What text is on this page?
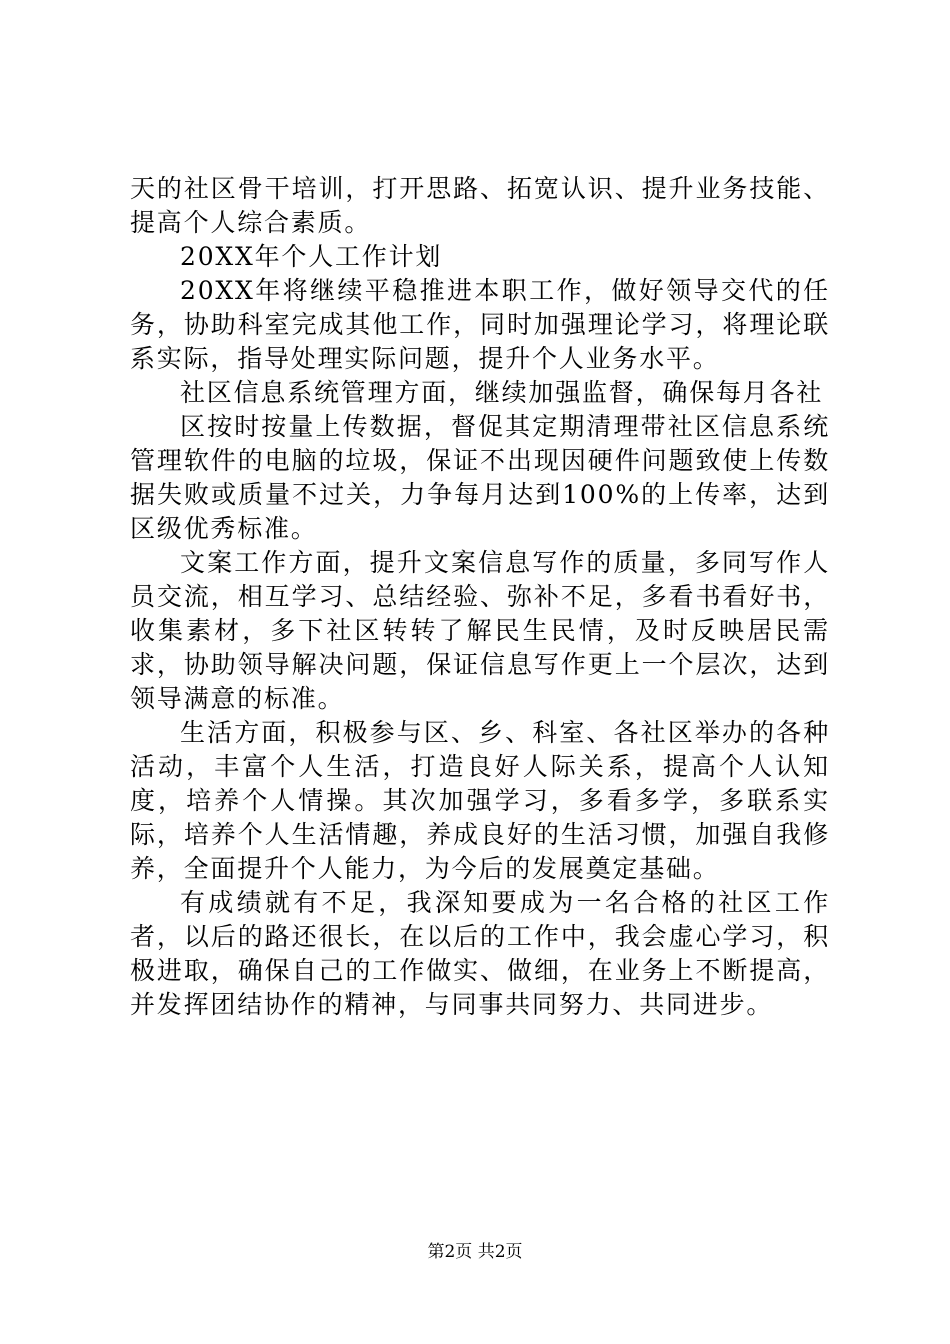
天的社区骨干培训，打开思路、拓宽认识、提升业务技能、提高个人综合素质。

20XX年个人工作计划

20XX年将继续平稳推进本职工作，做好领导交代的任务，协助科室完成其他工作，同时加强理论学习，将理论联系实际，指导处理实际问题，提升个人业务水平。

社区信息系统管理方面，继续加强监督，确保每月各社

区按时按量上传数据，督促其定期清理带社区信息系统管理软件的电脑的垃圾，保证不出现因硬件问题致使上传数据失败或质量不过关，力争每月达到100%的上传率，达到区级优秀标准。

文案工作方面，提升文案信息写作的质量，多同写作人员交流，相互学习、总结经验、弥补不足，多看书看好书，收集素材，多下社区转转了解民生民情，及时反映居民需求，协助领导解决问题，保证信息写作更上一个层次，达到领导满意的标准。

生活方面，积极参与区、乡、科室、各社区举办的各种活动，丰富个人生活，打造良好人际关系，提高个人认知度，培养个人情操。其次加强学习，多看多学，多联系实际，培养个人生活情趣，养成良好的生活习惯，加强自我修养，全面提升个人能力，为今后的发展奠定基础。

有成绩就有不足，我深知要成为一名合格的社区工作者，以后的路还很长，在以后的工作中，我会虚心学习，积极进取，确保自己的工作做实、做细，在业务上不断提高，并发挥团结协作的精神，与同事共同努力、共同进步。

第2页 共2页
